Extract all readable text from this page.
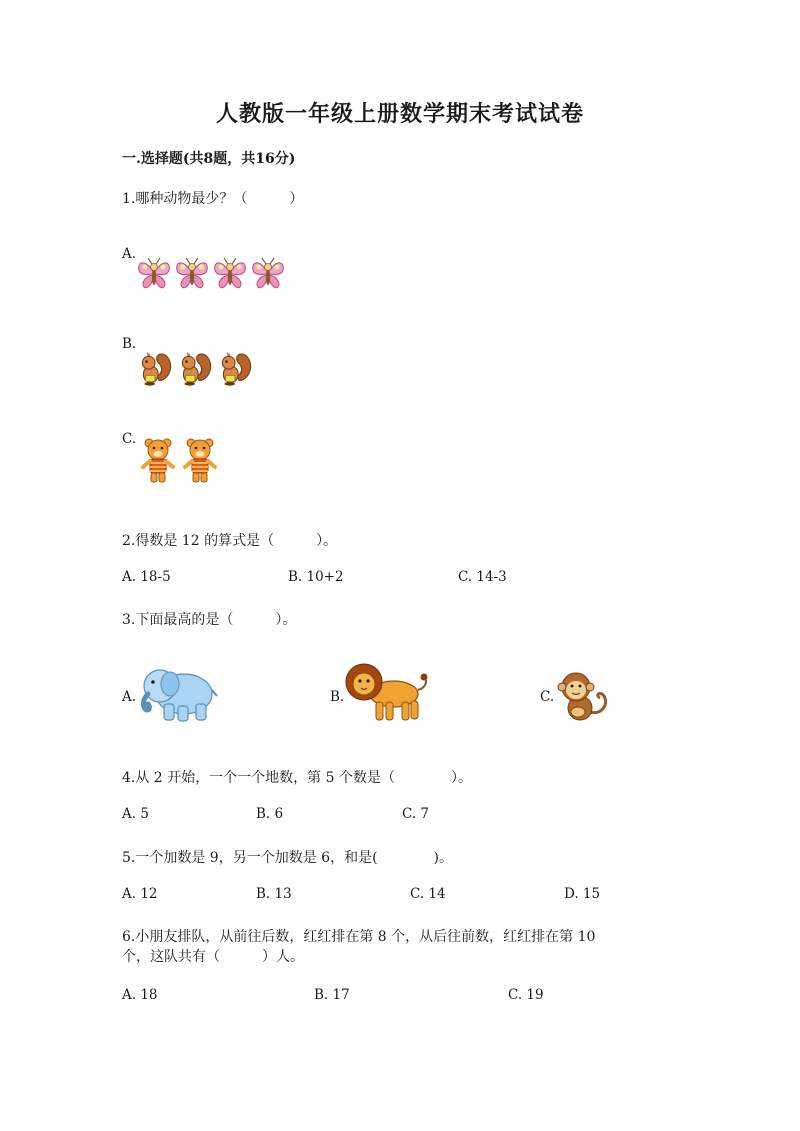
人教版一年级上册数学期末考试试卷
一.选择题(共8题，共16分)
1.哪种动物最少？（　　　）
A.
B.
C.
2.得数是 12 的算式是（　　　）。
A. 18-5	B. 10+2	C. 14-3
3.下面最高的是（　　　）。
A.	B.	C.
4.从 2 开始，一个一个地数，第 5 个数是（　　　　）。
A. 5	B. 6	C. 7
5.一个加数是 9，另一个加数是 6，和是(　　　　)。
A. 12	B. 13	C. 14	D. 15
6.小朋友排队，从前往后数，红红排在第 8 个，从后往前数，红红排在第 10
个，这队共有（　　　）人。
A. 18	B. 17	C. 19
